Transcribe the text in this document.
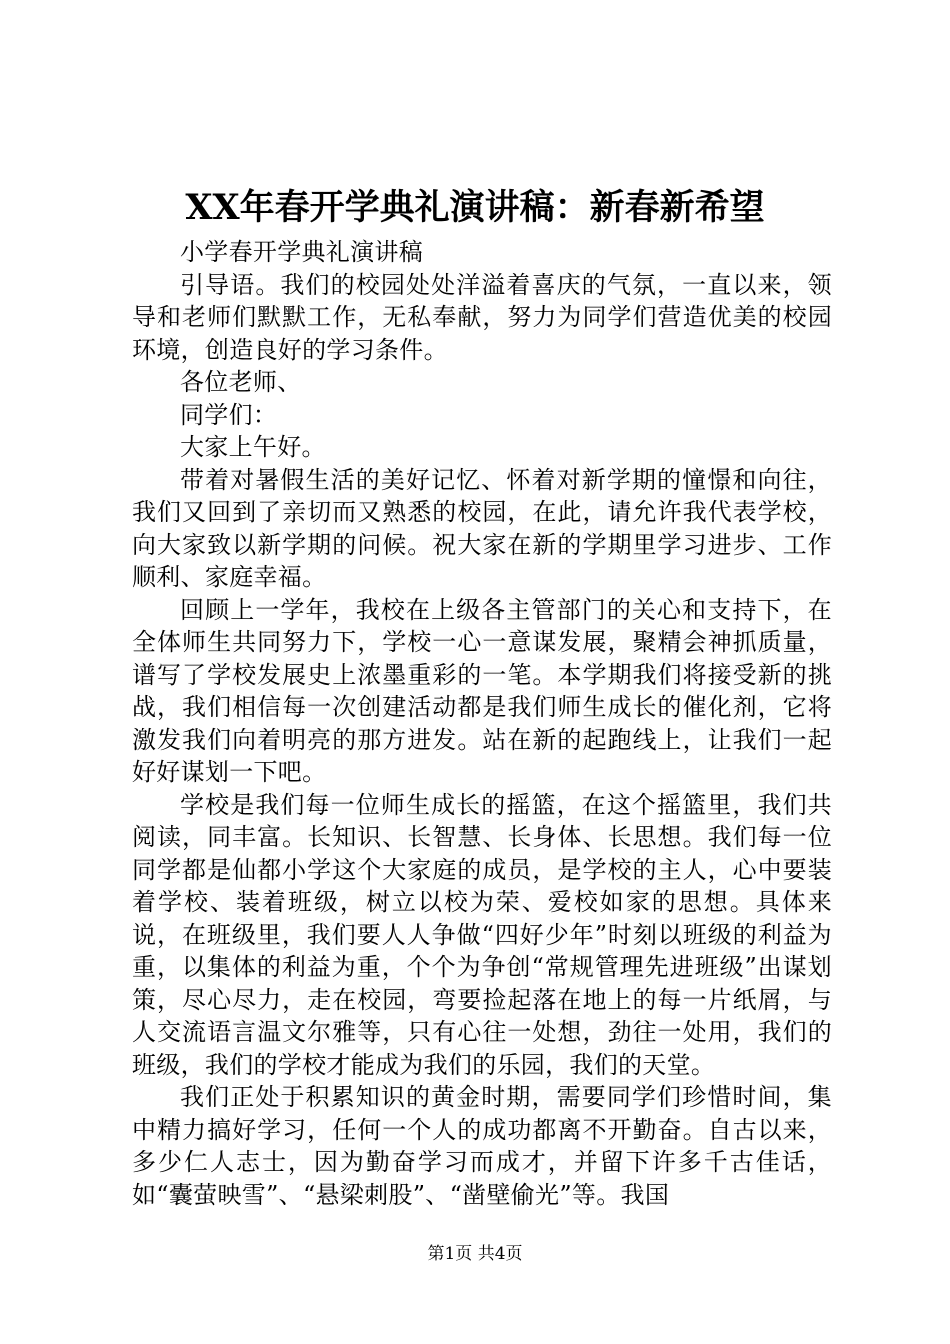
XX年春开学典礼演讲稿：新春新希望

小学春开学典礼演讲稿

引导语。我们的校园处处洋溢着喜庆的气氛，一直以来，领导和老师们默默工作，无私奉献，努力为同学们营造优美的校园环境，创造良好的学习条件。

各位老师、

同学们：

大家上午好。

带着对暑假生活的美好记忆、怀着对新学期的憧憬和向往，我们又回到了亲切而又熟悉的校园，在此，请允许我代表学校，向大家致以新学期的问候。祝大家在新的学期里学习进步、工作顺利、家庭幸福。

回顾上一学年，我校在上级各主管部门的关心和支持下，在全体师生共同努力下，学校一心一意谋发展，聚精会神抓质量，谱写了学校发展史上浓墨重彩的一笔。本学期我们将接受新的挑战，我们相信每一次创建活动都是我们师生成长的催化剂，它将激发我们向着明亮的那方进发。站在新的起跑线上，让我们一起好好谋划一下吧。

学校是我们每一位师生成长的摇篮，在这个摇篮里，我们共阅读，同丰富。长知识、长智慧、长身体、长思想。我们每一位同学都是仙都小学这个大家庭的成员，是学校的主人，心中要装着学校、装着班级，树立以校为荣、爱校如家的思想。具体来说，在班级里，我们要人人争做“四好少年”时刻以班级的利益为重，以集体的利益为重，个个为争创“常规管理先进班级”出谋划策，尽心尽力，走在校园，弯要捡起落在地上的每一片纸屑，与人交流语言温文尔雅等，只有心往一处想，劲往一处用，我们的班级，我们的学校才能成为我们的乐园，我们的天堂。

我们正处于积累知识的黄金时期，需要同学们珍惜时间，集中精力搞好学习，任何一个人的成功都离不开勤奋。自古以来，多少仁人志士，因为勤奋学习而成才，并留下许多千古佳话，如“囊萤映雪”、“悬梁刺股”、“凿壁偷光”等。我国

第1页 共4页
